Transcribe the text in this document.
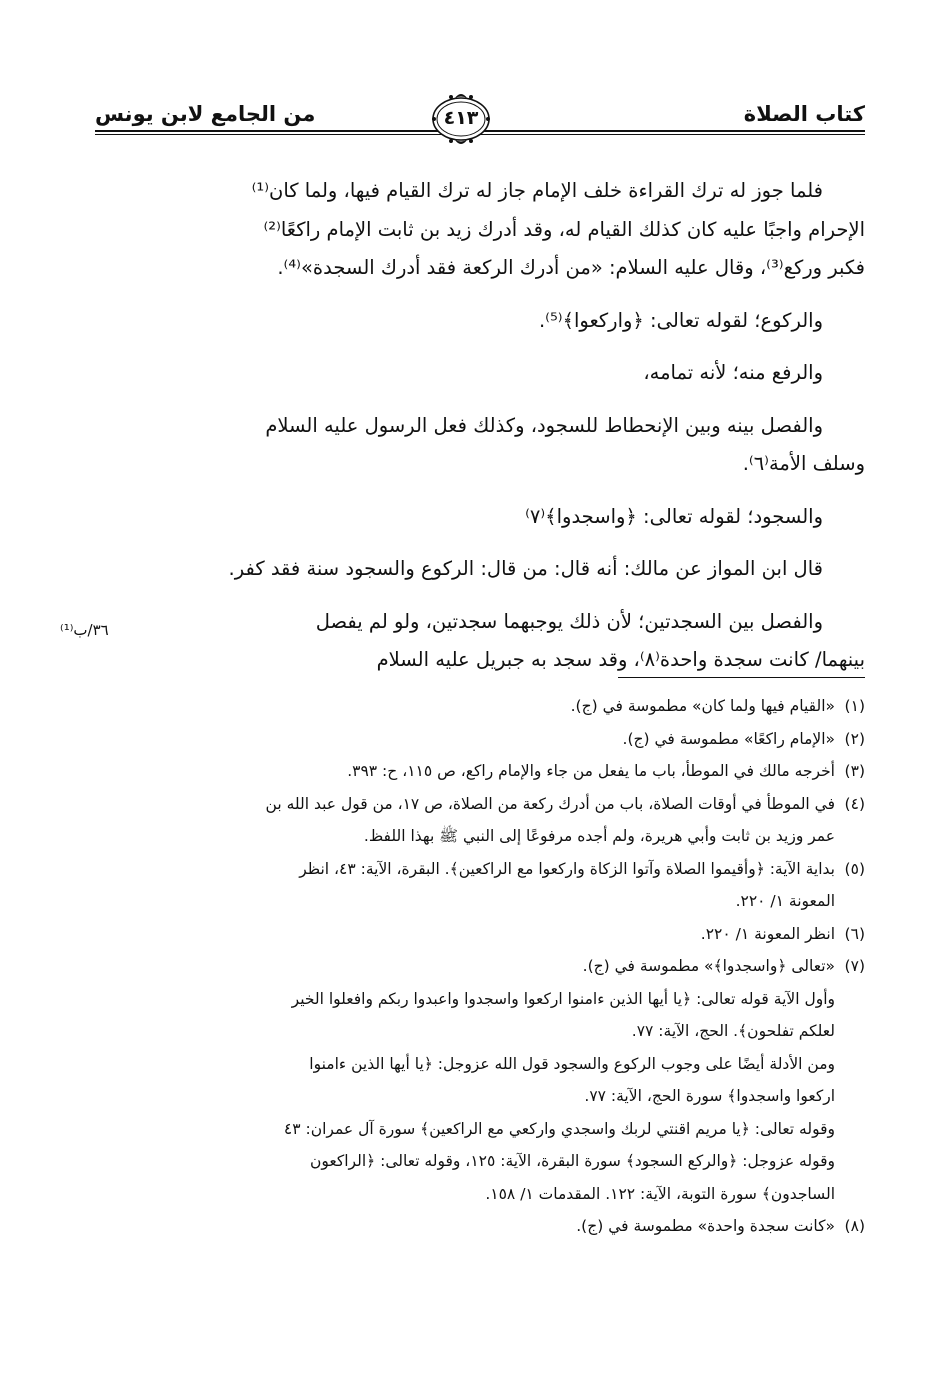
كتاب الصلاة
من الجامع لابن يونس	٤١٣
فلما جوز له ترك القراءة خلف الإمام جاز له ترك القيام فيها، ولما كان⁽¹⁾
الإحرام واجبًا عليه كان كذلك القيام له، وقد أدرك زيد بن ثابت الإمام راكعًا⁽²⁾
فكبر وركع⁽³⁾، وقال عليه السلام: «من أدرك الركعة فقد أدرك السجدة»⁽⁴⁾.
والركوع؛ لقوله تعالى: ﴿واركعوا﴾⁽⁵⁾.
والرفع منه؛ لأنه تمامه،
والفصل بينه وبين الإنحطاط للسجود، وكذلك فعل الرسول عليه السلام
وسلف الأمة⁽٦⁾.
والسجود؛ لقوله تعالى: ﴿واسجدوا﴾⁽٧⁾
قال ابن المواز عن مالك: أنه قال: من قال: الركوع والسجود سنة فقد كفر.
والفصل بين السجدتين؛ لأن ذلك يوجبهما سجدتين، ولو لم يفصل
بينهما/ كانت سجدة واحدة⁽٨⁾، وقد سجد به جبريل عليه السلام
٣٦/ب⁽¹⁾
(١)«القيام فيها ولما كان» مطموسة في (ج).
(٢)«الإمام راكعًا» مطموسة في (ج).
(٣)أخرجه مالك في الموطأ، باب ما يفعل من جاء والإمام راكع، ص ١١٥، ح: ٣٩٣.
(٤)في الموطأ في أوقات الصلاة، باب من أدرك ركعة من الصلاة، ص ١٧، من قول عبد الله بن
عمر وزيد بن ثابت وأبي هريرة، ولم أجده مرفوعًا إلى النبي ﷺ بهذا اللفظ.
(٥)بداية الآية: ﴿وأقيموا الصلاة وآتوا الزكاة واركعوا مع الراكعين﴾. البقرة، الآية: ٤٣، انظر
المعونة ١/ ٢٢٠.
(٦)انظر المعونة ١/ ٢٢٠.
(٧)«تعالى ﴿واسجدوا﴾» مطموسة في (ج).
وأول الآية قوله تعالى: ﴿يا أيها الذين ءامنوا اركعوا واسجدوا واعبدوا ربكم وافعلوا الخير
لعلكم تفلحون﴾. الحج، الآية: ٧٧.
ومن الأدلة أيضًا على وجوب الركوع والسجود قول الله عزوجل: ﴿يا أيها الذين ءامنوا
اركعوا واسجدوا﴾ سورة الحج، الآية: ٧٧.
وقوله تعالى: ﴿يا مريم اقنتي لربك واسجدي واركعي مع الراكعين﴾ سورة آل عمران: ٤٣
وقوله عزوجل: ﴿والركع السجود﴾ سورة البقرة، الآية: ١٢٥، وقوله تعالى: ﴿الراكعون
الساجدون﴾ سورة التوبة، الآية: ١٢٢. المقدمات ١/ ١٥٨.
(٨)«كانت سجدة واحدة» مطموسة في (ج).
